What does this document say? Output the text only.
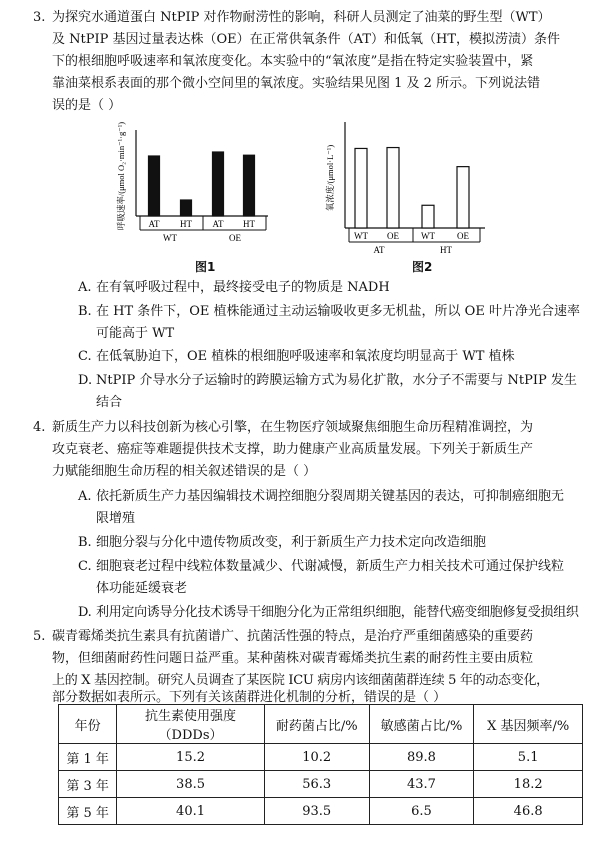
3. 为探究水通道蛋白 NtPIP 对作物耐涝性的影响，科研人员测定了油菜的野生型（WT）
及 NtPIP 基因过量表达株（OE）在正常供氧条件（AT）和低氧（HT，模拟涝渍）条件
下的根细胞呼吸速率和氧浓度变化。本实验中的“氧浓度”是指在特定实验装置中，紧
靠油菜根系表面的那个微小空间里的氧浓度。实验结果见图 1 及 2 所示。下列说法错
误的是（ ）
呼吸速率/(μmol O₂·min⁻¹·g⁻¹)	AT HT AT HT
WT	OE
图1
氧浓度/(μmol·L⁻¹)
WT OE WT OE
AT	HT
图2
A. 在有氧呼吸过程中，最终接受电子的物质是 NADH
B. 在 HT 条件下，OE 植株能通过主动运输吸收更多无机盐，所以 OE 叶片净光合速率
可能高于 WT
C. 在低氧胁迫下，OE 植株的根细胞呼吸速率和氧浓度均明显高于 WT 植株
D. NtPIP 介导水分子运输时的跨膜运输方式为易化扩散，水分子不需要与 NtPIP 发生
结合
4. 新质生产力以科技创新为核心引擎，在生物医疗领域聚焦细胞生命历程精准调控，为
攻克衰老、癌症等难题提供技术支撑，助力健康产业高质量发展。下列关于新质生产
力赋能细胞生命历程的相关叙述错误的是（ ）
A. 依托新质生产力基因编辑技术调控细胞分裂周期关键基因的表达，可抑制癌细胞无
限增殖
B. 细胞分裂与分化中遗传物质改变，利于新质生产力技术定向改造细胞
C. 细胞衰老过程中线粒体数量减少、代谢减慢，新质生产力相关技术可通过保护线粒
体功能延缓衰老
D. 利用定向诱导分化技术诱导干细胞分化为正常组织细胞，能替代癌变细胞修复受损组织
5. 碳青霉烯类抗生素具有抗菌谱广、抗菌活性强的特点，是治疗严重细菌感染的重要药
物，但细菌耐药性问题日益严重。某种菌株对碳青霉烯类抗生素的耐药性主要由质粒
上的 X 基因控制。研究人员调查了某医院 ICU 病房内该细菌菌群连续 5 年的动态变化，
部分数据如表所示。下列有关该菌群进化机制的分析，错误的是（ ）
年份	抗生素使用强度（DDDs）	耐药菌占比/%	敏感菌占比/%	X 基因频率/%
第 1 年	15.2	10.2	89.8	5.1
第 3 年	38.5	56.3	43.7	18.2
第 5 年	40.1	93.5	6.5	46.8
